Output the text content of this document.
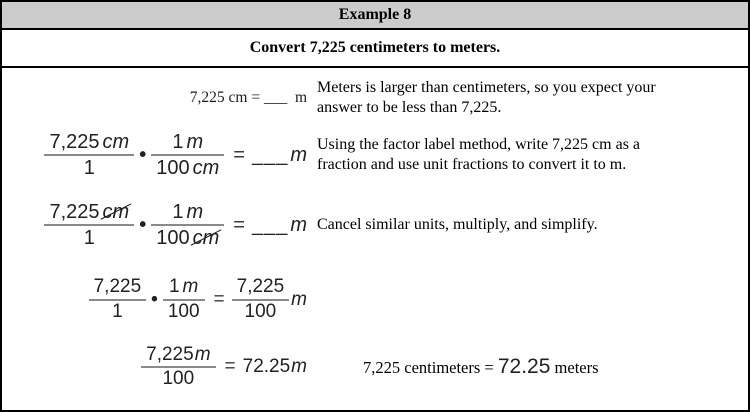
Example 8
Convert 7,225 centimeters to meters.
7,225 cm = ___  m
Meters is larger than centimeters, so you expect your
answer to be less than 7,225.
$\frac{7,225 cm}{1}$ • $\frac{1 m}{100 cm}$ = ___ m Using the factor label method, write 7,225 cm as a
fraction and use unit fractions to convert it to m.
$\frac{7,225 cm}{1}$ • $\frac{1 m}{100 cm}$ = ___ m Cancel similar units, multiply, and simplify.
$\frac{7,225}{1}$ • $\frac{1 m}{100} = \frac{7,225}{100}$ m
$\frac{7,225m}{100} = 72.25$ m	7,225 centimeters = 72.25 meters
